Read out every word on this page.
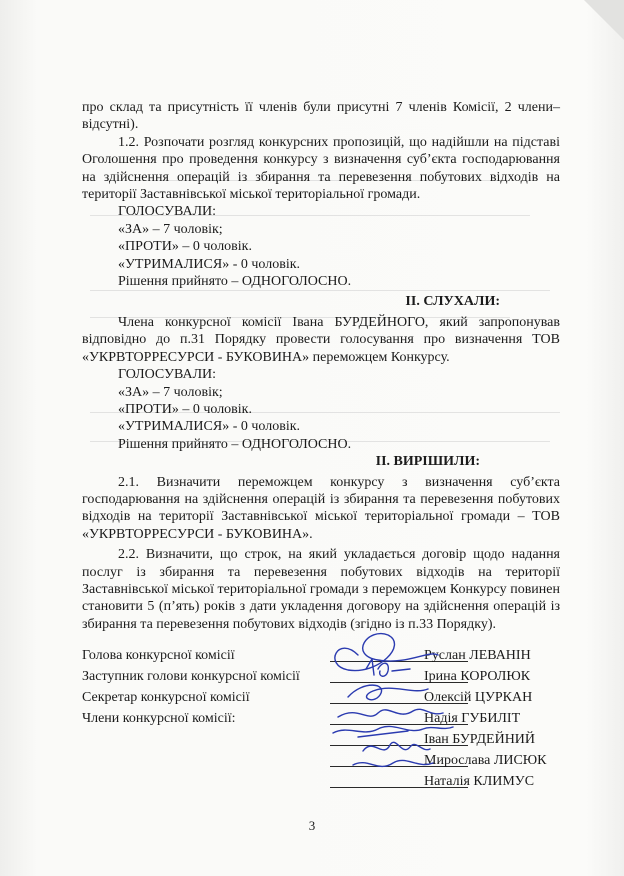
про склад та присутність її членів були присутні 7 членів Комісії, 2 члени– відсутні).

1.2. Розпочати розгляд конкурсних пропозицій, що надійшли на підставі Оголошення про проведення конкурсу з визначення суб’єкта господарювання на здійснення операцій із збирання та перевезення побутових відходів на території Заставнівської міської територіальної громади.

ГОЛОСУВАЛИ:

«ЗА» – 7 чоловік;

«ПРОТИ» – 0 чоловік.

«УТРИМАЛИСЯ» - 0 чоловік.

Рішення прийнято – ОДНОГОЛОСНО.

ІІ. СЛУХАЛИ:

Члена конкурсної комісії Івана БУРДЕЙНОГО, який запропонував відповідно до п.31 Порядку провести голосування про визначення ТОВ «УКРВТОРРЕСУРСИ - БУКОВИНА» переможцем Конкурсу.

ГОЛОСУВАЛИ:

«ЗА» – 7 чоловік;

«ПРОТИ» – 0 чоловік.

«УТРИМАЛИСЯ» - 0 чоловік.

Рішення прийнято – ОДНОГОЛОСНО.

ІІ. ВИРІШИЛИ:

2.1. Визначити переможцем конкурсу з визначення суб’єкта господарювання на здійснення операцій із збирання та перевезення побутових відходів на території Заставнівської міської територіальної громади – ТОВ «УКРВТОРРЕСУРСИ - БУКОВИНА».

2.2. Визначити, що строк, на який укладається договір щодо надання послуг із збирання та перевезення побутових відходів на території Заставнівської міської територіальної громади з переможцем Конкурсу повинен становити 5 (п’ять) років з дати укладення договору на здійснення операцій із збирання та перевезення побутових відходів (згідно із п.33 Порядку).

Голова конкурсної комісії	Руслан ЛЕВАНІН
Заступник голови конкурсної комісії	Ірина КОРОЛЮК
Секретар конкурсної комісії	Олексій ЦУРКАН
Члени конкурсної комісії:	Надія ГУБИЛІТ
Іван БУРДЕЙНИЙ
Мирослава ЛИСЮК
Наталія КЛИМУС
3
